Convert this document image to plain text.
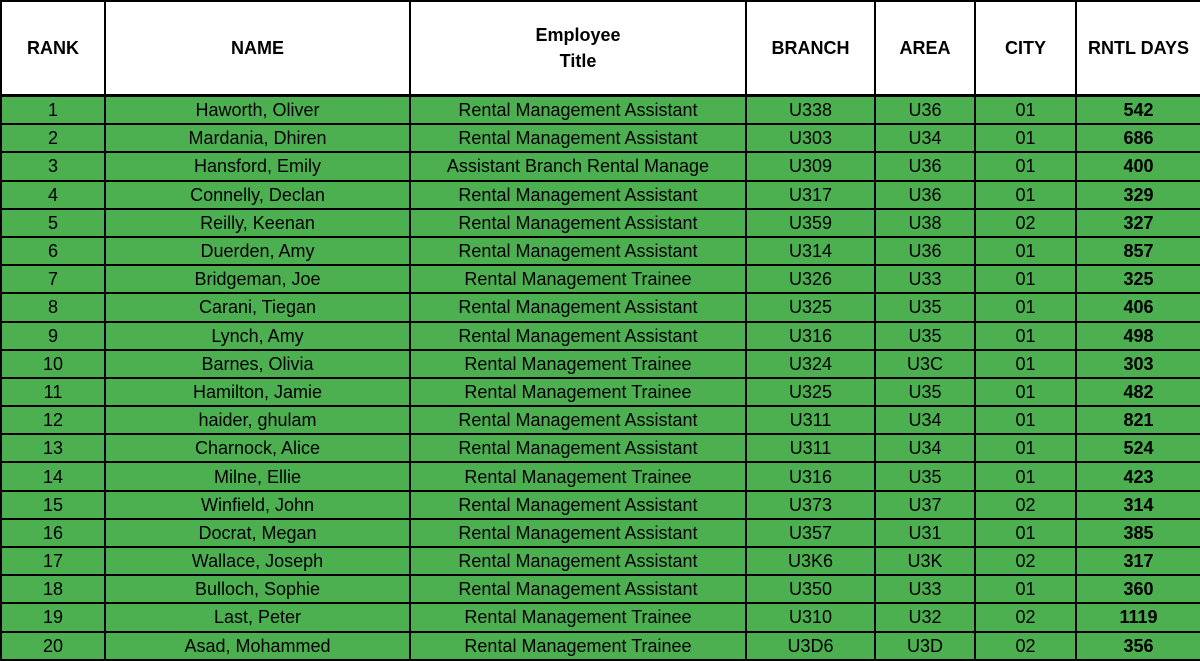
RANK	NAME	Employee
Title	BRANCH	AREA	CITY	RNTL DAYS
1	Haworth, Oliver	Rental Management Assistant	U338	U36	01	542
2	Mardania, Dhiren	Rental Management Assistant	U303	U34	01	686
3	Hansford, Emily	Assistant Branch Rental Manage	U309	U36	01	400
4	Connelly, Declan	Rental Management Assistant	U317	U36	01	329
5	Reilly, Keenan	Rental Management Assistant	U359	U38	02	327
6	Duerden, Amy	Rental Management Assistant	U314	U36	01	857
7	Bridgeman, Joe	Rental Management Trainee	U326	U33	01	325
8	Carani, Tiegan	Rental Management Assistant	U325	U35	01	406
9	Lynch, Amy	Rental Management Assistant	U316	U35	01	498
10	Barnes, Olivia	Rental Management Trainee	U324	U3C	01	303
11	Hamilton, Jamie	Rental Management Trainee	U325	U35	01	482
12	haider, ghulam	Rental Management Assistant	U311	U34	01	821
13	Charnock, Alice	Rental Management Assistant	U311	U34	01	524
14	Milne, Ellie	Rental Management Trainee	U316	U35	01	423
15	Winfield, John	Rental Management Assistant	U373	U37	02	314
16	Docrat, Megan	Rental Management Assistant	U357	U31	01	385
17	Wallace, Joseph	Rental Management Assistant	U3K6	U3K	02	317
18	Bulloch, Sophie	Rental Management Assistant	U350	U33	01	360
19	Last, Peter	Rental Management Trainee	U310	U32	02	1119
20	Asad, Mohammed	Rental Management Trainee	U3D6	U3D	02	356
